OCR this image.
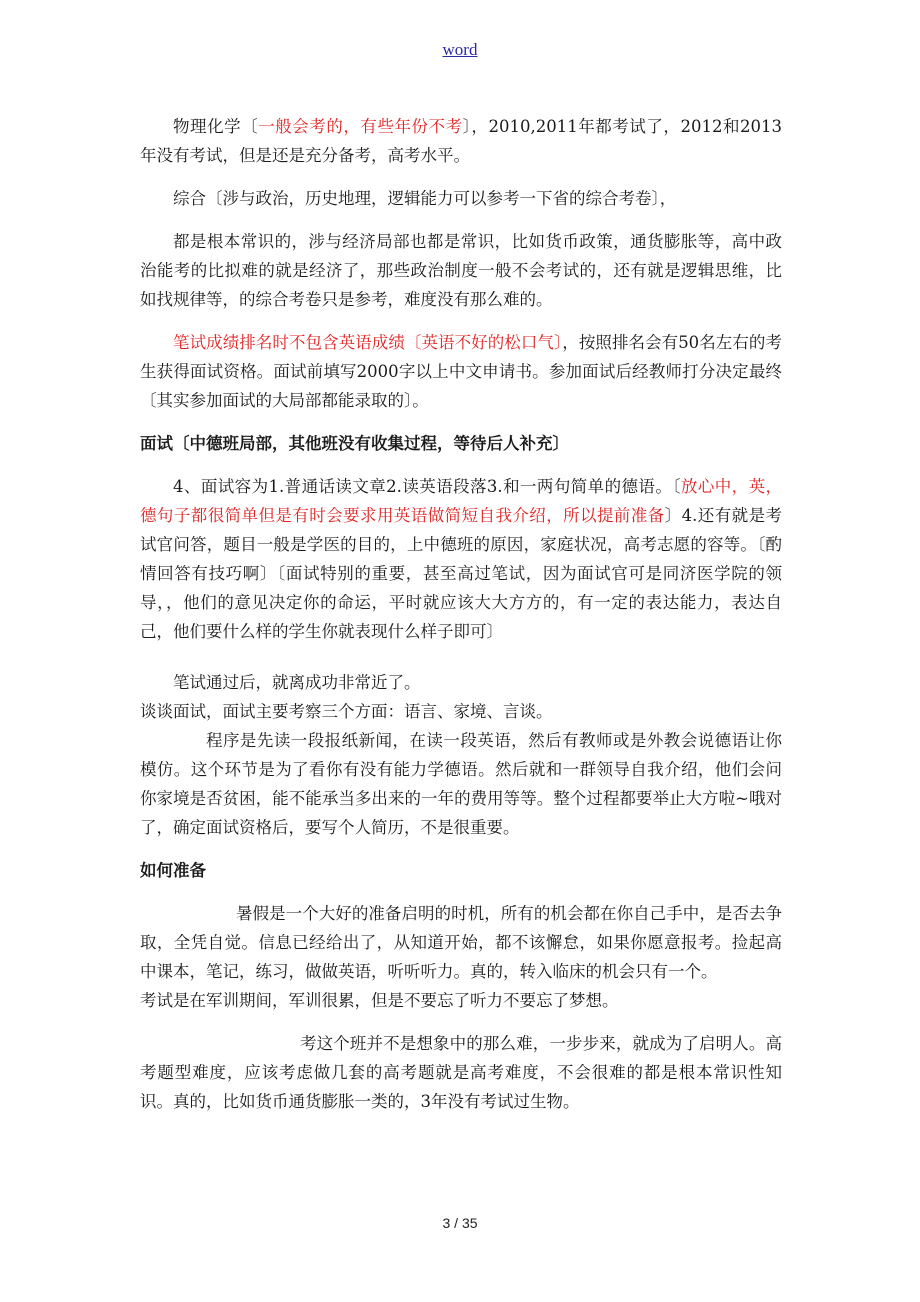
word

物理化学〔一般会考的，有些年份不考〕，2010,2011年都考试了，2012和2013年没有考试，但是还是充分备考，高考水平。

综合〔涉与政治，历史地理，逻辑能力可以参考一下省的综合考卷〕，

都是根本常识的，涉与经济局部也都是常识，比如货币政策，通货膨胀等，高中政治能考的比拟难的就是经济了，那些政治制度一般不会考试的，还有就是逻辑思维，比如找规律等，的综合考卷只是参考，难度没有那么难的。

笔试成绩排名时不包含英语成绩〔英语不好的松口气〕，按照排名会有50名左右的考生获得面试资格。面试前填写2000字以上中文申请书。参加面试后经教师打分决定最终〔其实参加面试的大局部都能录取的〕。

面试〔中德班局部，其他班没有收集过程，等待后人补充〕

4、面试容为1.普通话读文章2.读英语段落3.和一两句简单的德语。〔放心中，英，德句子都很简单但是有时会要求用英语做简短自我介绍，所以提前准备〕4.还有就是考试官问答，题目一般是学医的目的，上中德班的原因，家庭状况，高考志愿的容等。〔酌情回答有技巧啊〕〔面试特别的重要，甚至高过笔试，因为面试官可是同济医学院的领导，，他们的意见决定你的命运，平时就应该大大方方的，有一定的表达能力，表达自己，他们要什么样的学生你就表现什么样子即可〕

笔试通过后，就离成功非常近了。

谈谈面试，面试主要考察三个方面：语言、家境、言谈。

程序是先读一段报纸新闻，在读一段英语，然后有教师或是外教会说德语让你模仿。这个环节是为了看你有没有能力学德语。然后就和一群领导自我介绍，他们会问你家境是否贫困，能不能承当多出来的一年的费用等等。整个过程都要举止大方啦~哦对了，确定面试资格后，要写个人简历，不是很重要。

如何准备

暑假是一个大好的准备启明的时机，所有的机会都在你自己手中，是否去争取，全凭自觉。信息已经给出了，从知道开始，都不该懈怠，如果你愿意报考。捡起高中课本，笔记，练习，做做英语，听听听力。真的，转入临床的机会只有一个。

考试是在军训期间，军训很累，但是不要忘了听力不要忘了梦想。

考这个班并不是想象中的那么难，一步步来，就成为了启明人。高考题型难度，应该考虑做几套的高考题就是高考难度，不会很难的都是根本常识性知识。真的，比如货币通货膨胀一类的，3年没有考试过生物。

3 / 35
